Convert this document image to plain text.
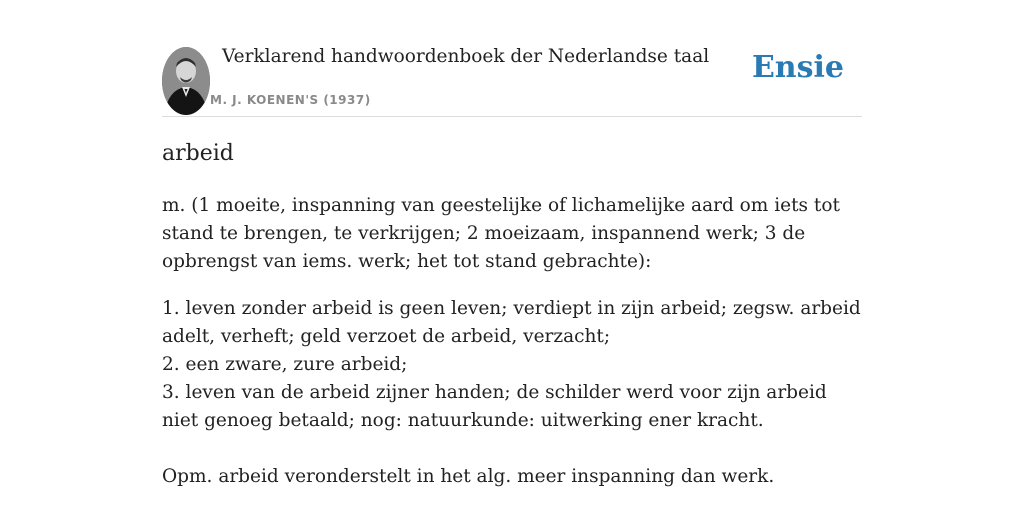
Verklarend handwoordenboek der Nederlandse taal
M. J. KOENEN'S (1937)
Ensie
arbeid

m. (1 moeite, inspanning van geestelijke of lichamelijke aard om iets tot stand te brengen, te verkrijgen; 2 moeizaam, inspannend werk; 3 de opbrengst van iems. werk; het tot stand gebrachte):

1. leven zonder arbeid is geen leven; verdiept in zijn arbeid; zegsw. arbeid adelt, verheft; geld verzoet de arbeid, verzacht;
2. een zware, zure arbeid;
3. leven van de arbeid zijner handen; de schilder werd voor zijn arbeid niet genoeg betaald; nog: natuurkunde: uitwerking ener kracht.

Opm. arbeid veronderstelt in het alg. meer inspanning dan werk.
